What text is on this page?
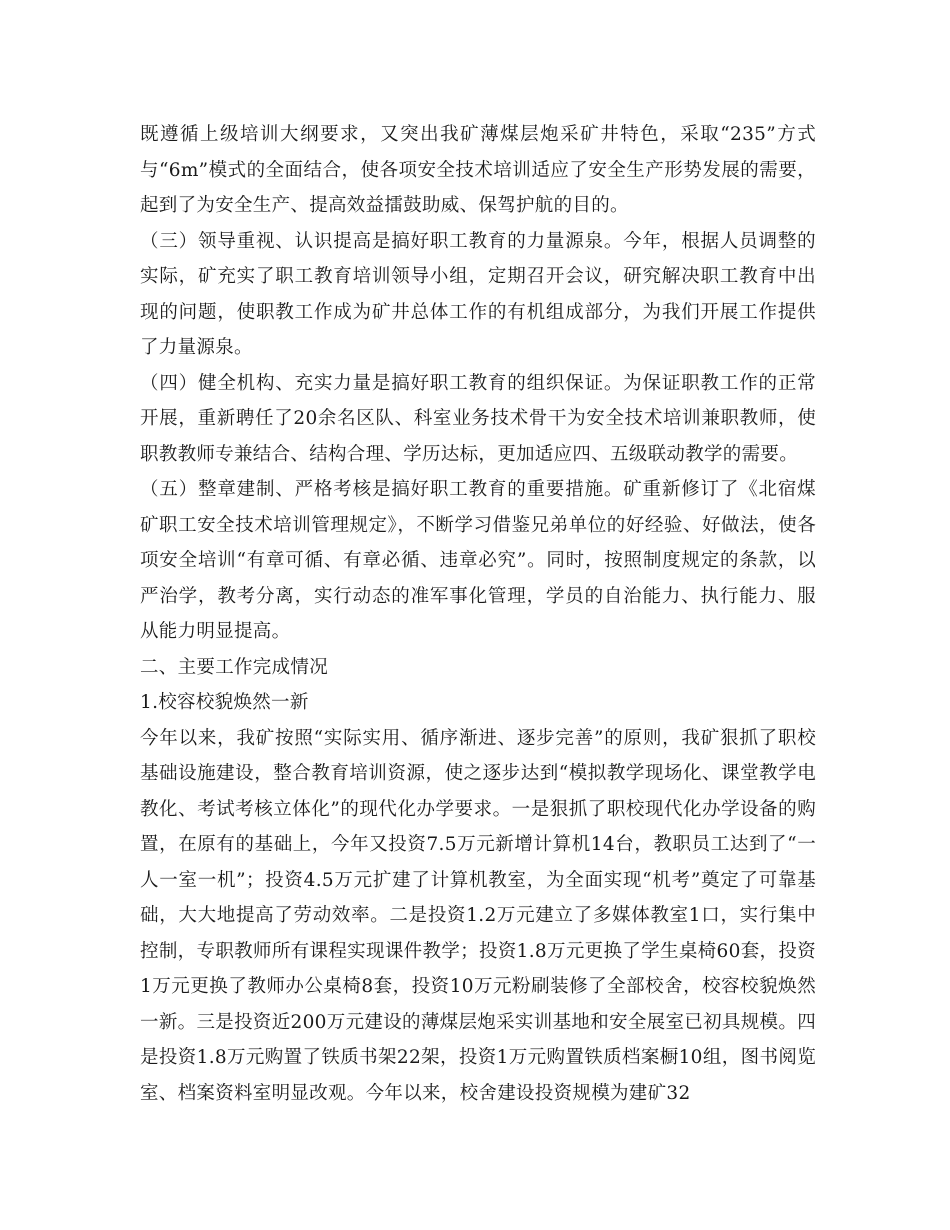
既遵循上级培训大纲要求，又突出我矿薄煤层炮采矿井特色，采取“235”方式与“6m”模式的全面结合，使各项安全技术培训适应了安全生产形势发展的需要，起到了为安全生产、提高效益擂鼓助威、保驾护航的目的。

（三）领导重视、认识提高是搞好职工教育的力量源泉。今年，根据人员调整的实际，矿充实了职工教育培训领导小组，定期召开会议，研究解决职工教育中出现的问题，使职教工作成为矿井总体工作的有机组成部分，为我们开展工作提供了力量源泉。

（四）健全机构、充实力量是搞好职工教育的组织保证。为保证职教工作的正常开展，重新聘任了20余名区队、科室业务技术骨干为安全技术培训兼职教师，使职教教师专兼结合、结构合理、学历达标，更加适应四、五级联动教学的需要。

（五）整章建制、严格考核是搞好职工教育的重要措施。矿重新修订了《北宿煤矿职工安全技术培训管理规定》，不断学习借鉴兄弟单位的好经验、好做法，使各项安全培训“有章可循、有章必循、违章必究”。同时，按照制度规定的条款，以严治学，教考分离，实行动态的准军事化管理，学员的自治能力、执行能力、服从能力明显提高。

二、主要工作完成情况

1.校容校貌焕然一新

今年以来，我矿按照“实际实用、循序渐进、逐步完善”的原则，我矿狠抓了职校基础设施建设，整合教育培训资源，使之逐步达到“模拟教学现场化、课堂教学电教化、考试考核立体化”的现代化办学要求。一是狠抓了职校现代化办学设备的购置，在原有的基础上，今年又投资7.5万元新增计算机14台，教职员工达到了“一人一室一机”；投资4.5万元扩建了计算机教室，为全面实现“机考”奠定了可靠基础，大大地提高了劳动效率。二是投资1.2万元建立了多媒体教室1口，实行集中控制，专职教师所有课程实现课件教学；投资1.8万元更换了学生桌椅60套，投资1万元更换了教师办公桌椅8套，投资10万元粉刷装修了全部校舍，校容校貌焕然一新。三是投资近200万元建设的薄煤层炮采实训基地和安全展室已初具规模。四是投资1.8万元购置了铁质书架22架，投资1万元购置铁质档案橱10组，图书阅览室、档案资料室明显改观。今年以来，校舍建设投资规模为建矿32
